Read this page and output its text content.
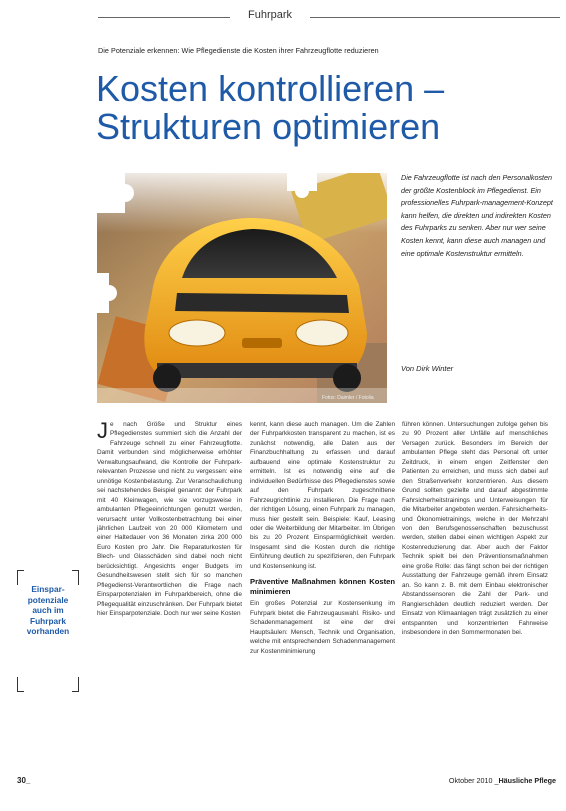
Fuhrpark
Die Potenziale erkennen: Wie Pflegedienste die Kosten ihrer Fahrzeugflotte reduzieren
Kosten kontrollieren –
Strukturen optimieren
Fotos: Daimler / Fotolia
Die Fahrzeugflotte ist nach den Personalkosten der größte Kostenblock im Pflegedienst. Ein professionelles Fuhrpark-management-Konzept kann helfen, die direkten und indirekten Kosten des Fuhrparks zu senken. Aber nur wer seine Kosten kennt, kann diese auch managen und eine optimale Kostenstruktur ermitteln.
Von Dirk Winter
Einspar-
potenziale
auch im
Fuhrpark
vorhanden
J e nach Größe und Struktur eines Pflegedienstes summiert sich die Anzahl der Fahrzeuge schnell zu einer Fahrzeugflotte. Damit verbunden sind möglicherweise erhöhter Verwaltungsaufwand, die Kontrolle der Fuhrpark-relevanten Prozesse und nicht zu vergessen: eine unnötige Kostenbelastung. Zur Veranschaulichung sei nachstehendes Beispiel genannt: der Fuhrpark mit 40 Kleinwagen, wie sie vorzugsweise in ambulanten Pflegeeinrichtungen genutzt werden, verursacht unter Vollkostenbetrachtung bei einer jährlichen Laufzeit von 20 000 Kilometern und einer Haltedauer von 36 Monaten zirka 200 000 Euro Kosten pro Jahr. Die Reparaturkosten für Blech- und Glasschäden sind dabei noch nicht berücksichtigt. Angesichts enger Budgets im Gesundheitswesen stellt sich für so manchen Pflegedienst-Verantwortlichen die Frage nach Einsparpotenzialen im Fuhrparkbereich, ohne die Pflegequalität einzuschränken. Der Fuhrpark bietet hier Einsparpotenziale. Doch nur wer seine Kosten

kennt, kann diese auch managen. Um die Zahlen der Fuhrparkkosten transparent zu machen, ist es zunächst notwendig, alle Daten aus der Finanzbuchhaltung zu erfassen und darauf aufbauend eine optimale Kostenstruktur zu ermitteln. Ist es notwendig eine auf die individuellen Bedürfnisse des Pflegedienstes sowie auf den Fuhrpark zugeschnittene Fahrzeugrichtlinie zu installieren. Die Frage nach der richtigen Lösung, einen Fuhrpark zu managen, muss hier gestellt sein. Beispiele: Kauf, Leasing oder die Weiterbildung der Mitarbeiter. Im Übrigen bis zu 20 Prozent Einsparmöglichkeit werden. Insgesamt sind die Kosten durch die richtige Einführung deutlich zu spezifizieren, den Fuhrpark und Kostensenkung ist.

Präventive Maßnahmen können Kosten minimieren

Ein großes Potenzial zur Kostensenkung im Fuhrpark bietet die Fahrzeugauswahl. Risiko- und Schadenmanagement ist eine der drei Hauptsäulen: Mensch, Technik und Organisation, welche mit entsprechendem Schadenmanagement zur Kostenminimierung

führen können. Untersuchungen zufolge gehen bis zu 90 Prozent aller Unfälle auf menschliches Versagen zurück. Besonders im Bereich der ambulanten Pflege steht das Personal oft unter Zeitdruck, in einem engen Zeitfenster den Patienten zu erreichen, und muss sich dabei auf den Straßenverkehr konzentrieren. Aus diesem Grund sollten gezielte und darauf abgestimmte Fahrsicherheitstrainings und Unterweisungen für die Mitarbeiter angeboten werden. Fahrsicherheits- und Ökonomietrainings, welche in der Mehrzahl von den Berufsgenossenschaften bezuschusst werden, stellen dabei einen wichtigen Aspekt zur Kostenreduzierung dar. Aber auch der Faktor Technik spielt bei den Präventionsmaßnahmen eine große Rolle: das fängt schon bei der richtigen Ausstattung der Fahrzeuge gemäß ihrem Einsatz an. So kann z. B. mit dem Einbau elektronischer Abstandssensoren die Zahl der Park- und Rangierschäden deutlich reduziert werden. Der Einsatz von Klimaanlagen trägt zusätzlich zu einer entspannten und konzentrierten Fahrweise insbesondere in den Sommermonaten bei.

30_	Oktober 2010 _Häusliche Pflege
